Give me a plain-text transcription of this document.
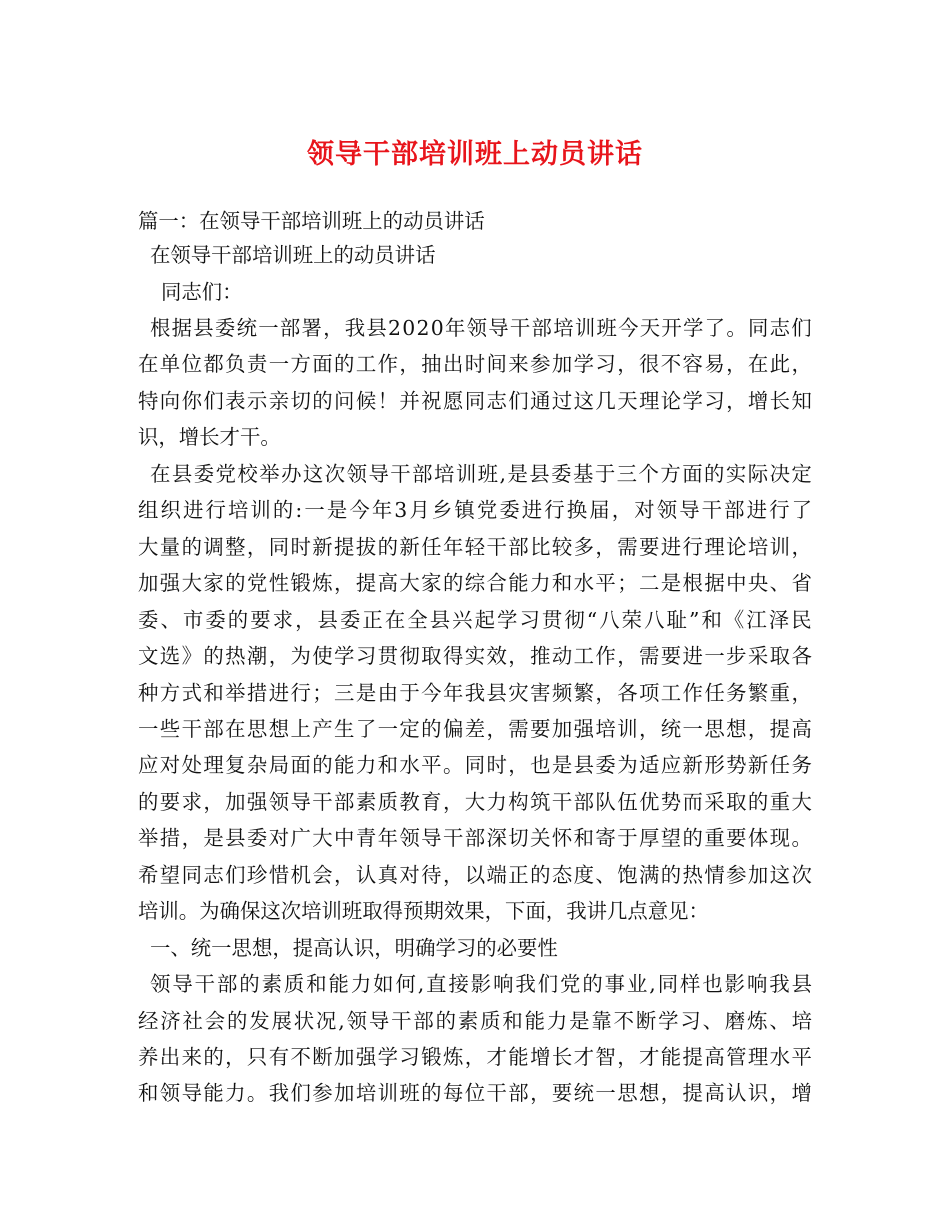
领导干部培训班上动员讲话
篇一：在领导干部培训班上的动员讲话
在领导干部培训班上的动员讲话
同志们：
根 据 县 委 统 一 部 署 ， 我 县 2 0 2 0 年 领 导 干 部 培 训 班 今 天 开 学 了 。 同 志 们
在 单 位 都 负 责 一 方 面 的 工 作 ， 抽 出 时 间 来 参 加 学 习 ， 很 不 容 易 ， 在 此 ，
特 向 你 们 表 示 亲 切 的 问 候 ！ 并 祝 愿 同 志 们 通 过 这 几 天 理 论 学 习 ， 增 长 知
识，增长才干。
在 县 委 党 校 举 办 这 次 领 导 干 部 培 训 班 , 是 县 委 基 于 三 个 方 面 的 实 际 决 定
组 织 进 行 培 训 的 : 一 是 今 年 3 月 乡 镇 党 委 进 行 换 届 ， 对 领 导 干 部 进 行 了
大 量 的 调 整 ， 同 时 新 提 拔 的 新 任 年 轻 干 部 比 较 多 ， 需 要 进 行 理 论 培 训 ，
加 强 大 家 的 党 性 锻 炼 ， 提 高 大 家 的 综 合 能 力 和 水 平 ； 二 是 根 据 中 央 、 省
委 、 市 委 的 要 求 ， 县 委 正 在 全 县 兴 起 学 习 贯 彻 “ 八 荣 八 耻 ” 和 《 江 泽 民
文 选 》 的 热 潮 ， 为 使 学 习 贯 彻 取 得 实 效 ， 推 动 工 作 ， 需 要 进 一 步 采 取 各
种 方 式 和 举 措 进 行 ； 三 是 由 于 今 年 我 县 灾 害 频 繁 ， 各 项 工 作 任 务 繁 重 ，
一 些 干 部 在 思 想 上 产 生 了 一 定 的 偏 差 ， 需 要 加 强 培 训 ， 统 一 思 想 ， 提 高
应 对 处 理 复 杂 局 面 的 能 力 和 水 平 。 同 时 ， 也 是 县 委 为 适 应 新 形 势 新 任 务
的 要 求 ， 加 强 领 导 干 部 素 质 教 育 ， 大 力 构 筑 干 部 队 伍 优 势 而 采 取 的 重 大
举 措 ， 是 县 委 对 广 大 中 青 年 领 导 干 部 深 切 关 怀 和 寄 于 厚 望 的 重 要 体 现 。
希 望 同 志 们 珍 惜 机 会 ， 认 真 对 待 ， 以 端 正 的 态 度 、 饱 满 的 热 情 参 加 这 次
培训。为确保这次培训班取得预期效果，下面，我讲几点意见：
一、统一思想，提高认识，明确学习的必要性
领 导 干 部 的 素 质 和 能 力 如 何 , 直 接 影 响 我 们 党 的 事 业 , 同 样 也 影 响 我 县
经 济 社 会 的 发 展 状 况 , 领 导 干 部 的 素 质 和 能 力 是 靠 不 断 学 习 、 磨 炼 、 培
养 出 来 的 ， 只 有 不 断 加 强 学 习 锻 炼 ， 才 能 增 长 才 智 ， 才 能 提 高 管 理 水 平
和 领 导 能 力 。 我 们 参 加 培 训 班 的 每 位 干 部 ， 要 统 一 思 想 ， 提 高 认 识 ， 增
